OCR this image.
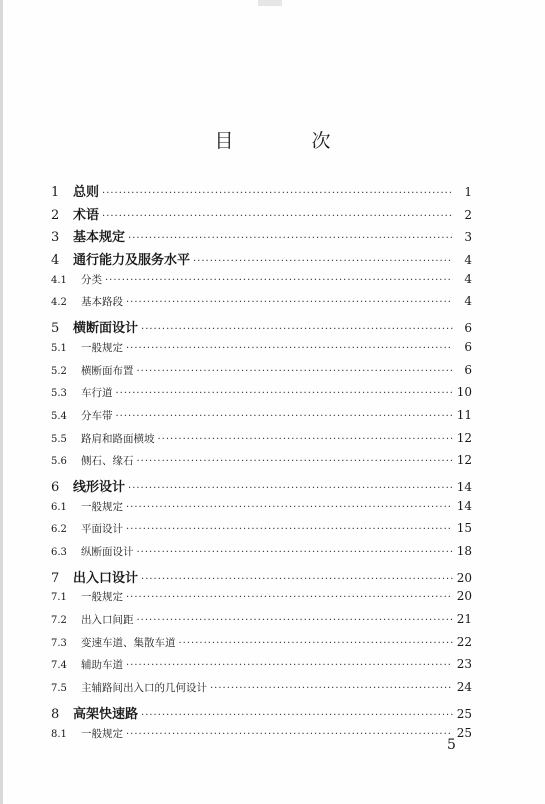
目 次
1	总则 ·····	1
2	术语 ·····	2
3	基本规定 ·····	3
4	通行能力及服务水平 ·····	4
4.1	分类 ·····	4
4.2	基本路段 ·····	4
5	横断面设计 ·····	6
5.1	一般规定 ·····	6
5.2	横断面布置 ·····	6
5.3	车行道 ·····	10
5.4	分车带 ·····	11
5.5	路肩和路面横坡 ·····	12
5.6	侧石、缘石 ·····	12
6	线形设计 ·····	14
6.1	一般规定 ·····	14
6.2	平面设计 ·····	15
6.3	纵断面设计 ·····	18
7	出入口设计 ·····	20
7.1	一般规定 ·····	20
7.2	出入口间距 ·····	21
7.3	变速车道、集散车道 ·····	22
7.4	辅助车道 ·····	23
7.5	主辅路间出入口的几何设计 ·····	24
8	高架快速路 ·····	25
8.1	一般规定 ·····	25
5
